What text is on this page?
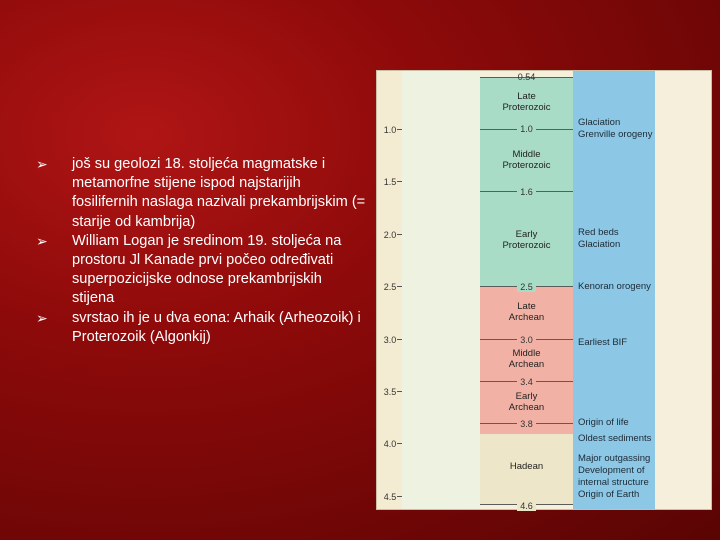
➢ još su geolozi 18. stoljeća magmatske i metamorfne stijene ispod najstarijih fosilifernih naslaga nazivali prekambrijskim (= starije od kambrija)
➢ William Logan je sredinom 19. stoljeća na prostoru Jl Kanade prvi počeo određivati superpozicijske odnose prekambrijskih stijena
➢ svrstao ih je u dva eona: Arhaik (Arheozoik) i Proterozoik (Algonkij)
1.0
1.5
2.0
2.5
3.0
3.5
4.0
4.5
0.54
1.0
1.6
2.5
3.0
3.4
3.8
4.6
Late
Proterozoic
Middle
Proterozoic
Early
Proterozoic
Late
Archean
Middle
Archean
Early
Archean
Hadean
Glaciation
Grenville orogeny
Red beds
Glaciation
Kenoran orogeny
Earliest BIF
Origin of life
Oldest sediments
Major outgassing
Development of
internal structure
Origin of Earth
